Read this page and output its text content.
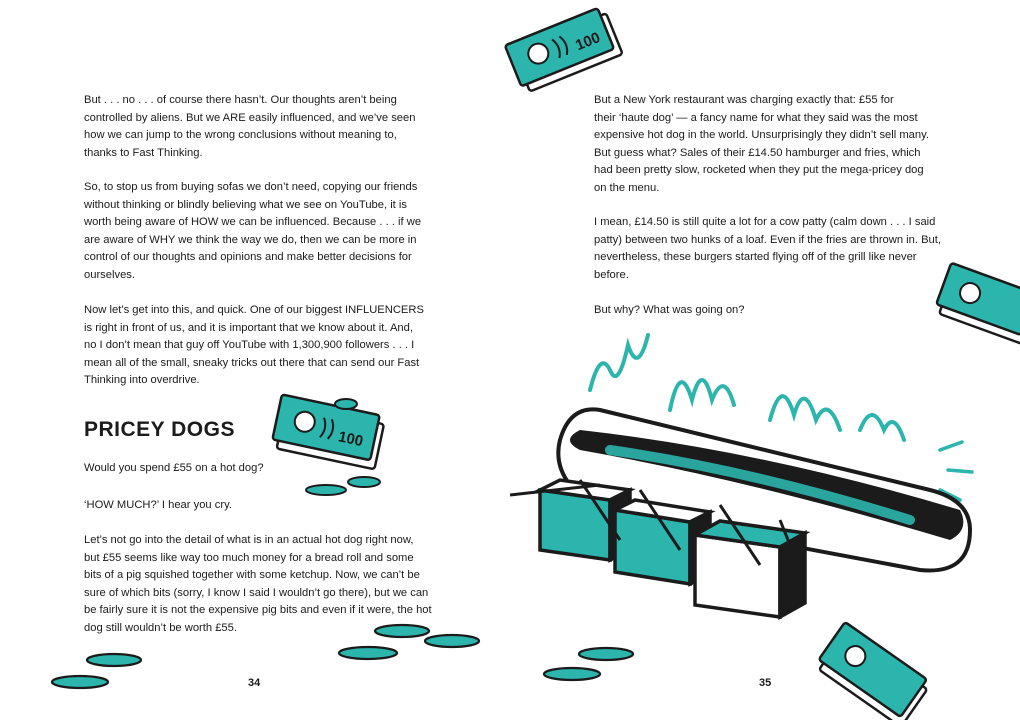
But . . . no . . . of course there hasn’t. Our thoughts aren’t being
controlled by aliens. But we ARE easily influenced, and we’ve seen
how we can jump to the wrong conclusions without meaning to,
thanks to Fast Thinking.

So, to stop us from buying sofas we don’t need, copying our friends
without thinking or blindly believing what we see on YouTube, it is
worth being aware of HOW we can be influenced. Because . . . if we
are aware of WHY we think the way we do, then we can be more in
control of our thoughts and opinions and make better decisions for
ourselves.

Now let’s get into this, and quick. One of our biggest INFLUENCERS
is right in front of us, and it is important that we know about it. And,
no I don’t mean that guy off YouTube with 1,300,900 followers . . . I
mean all of the small, sneaky tricks out there that can send our Fast
Thinking into overdrive.

PRICEY DOGS

Would you spend £55 on a hot dog?

‘HOW MUCH?’ I hear you cry.

Let’s not go into the detail of what is in an actual hot dog right now,
but £55 seems like way too much money for a bread roll and some
bits of a pig squished together with some ketchup. Now, we can’t be
sure of which bits (sorry, I know I said I wouldn’t go there), but we can
be fairly sure it is not the expensive pig bits and even if it were, the hot
dog still wouldn’t be worth £55.

34

But a New York restaurant was charging exactly that: £55 for
their ‘haute dog’ — a fancy name for what they said was the most
expensive hot dog in the world. Unsurprisingly they didn’t sell many.
But guess what? Sales of their £14.50 hamburger and fries, which
had been pretty slow, rocketed when they put the mega-pricey dog
on the menu.

I mean, £14.50 is still quite a lot for a cow patty (calm down . . . I said
patty) between two hunks of a loaf. Even if the fries are thrown in. But,
nevertheless, these burgers started flying off of the grill like never
before.

But why? What was going on?

35
100
100
